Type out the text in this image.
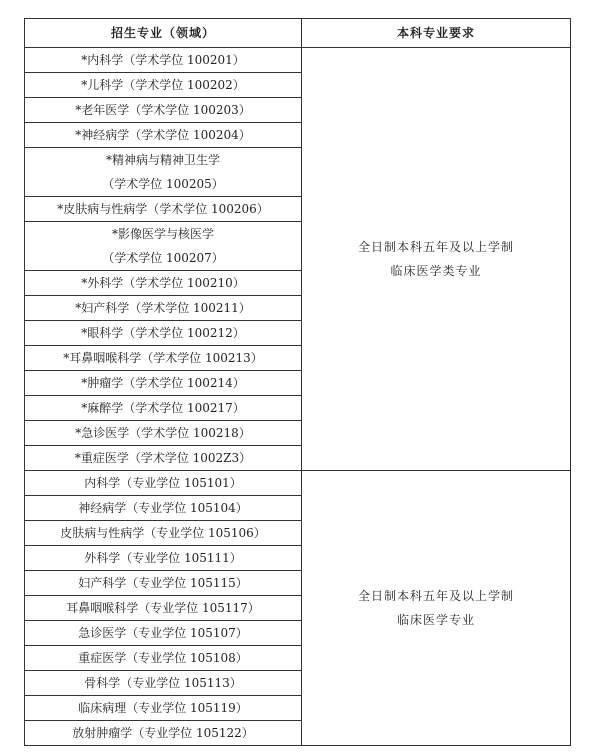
招生专业（领域）	本科专业要求

*内科学（学术学位 100201）	全日制本科五年及以上学制
临床医学类专业

*儿科学（学术学位 100202）	

*老年医学（学术学位 100203）	

*神经病学（学术学位 100204）	

*精神病与精神卫生学
（学术学位 100205）	

*皮肤病与性病学（学术学位 100206）	

*影像医学与核医学
（学术学位 100207）	

*外科学（学术学位 100210）	

*妇产科学（学术学位 100211）	

*眼科学（学术学位 100212）	

*耳鼻咽喉科学（学术学位 100213）	

*肿瘤学（学术学位 100214）	

*麻醉学（学术学位 100217）	

*急诊医学（学术学位 100218）	

*重症医学（学术学位 1002Z3）	

内科学（专业学位 105101）	全日制本科五年及以上学制
临床医学专业

神经病学（专业学位 105104）	

皮肤病与性病学（专业学位 105106）	

外科学（专业学位 105111）	

妇产科学（专业学位 105115）	

耳鼻咽喉科学（专业学位 105117）	

急诊医学（专业学位 105107）	

重症医学（专业学位 105108）	

骨科学（专业学位 105113）	

临床病理（专业学位 105119）	

放射肿瘤学（专业学位 105122）	
